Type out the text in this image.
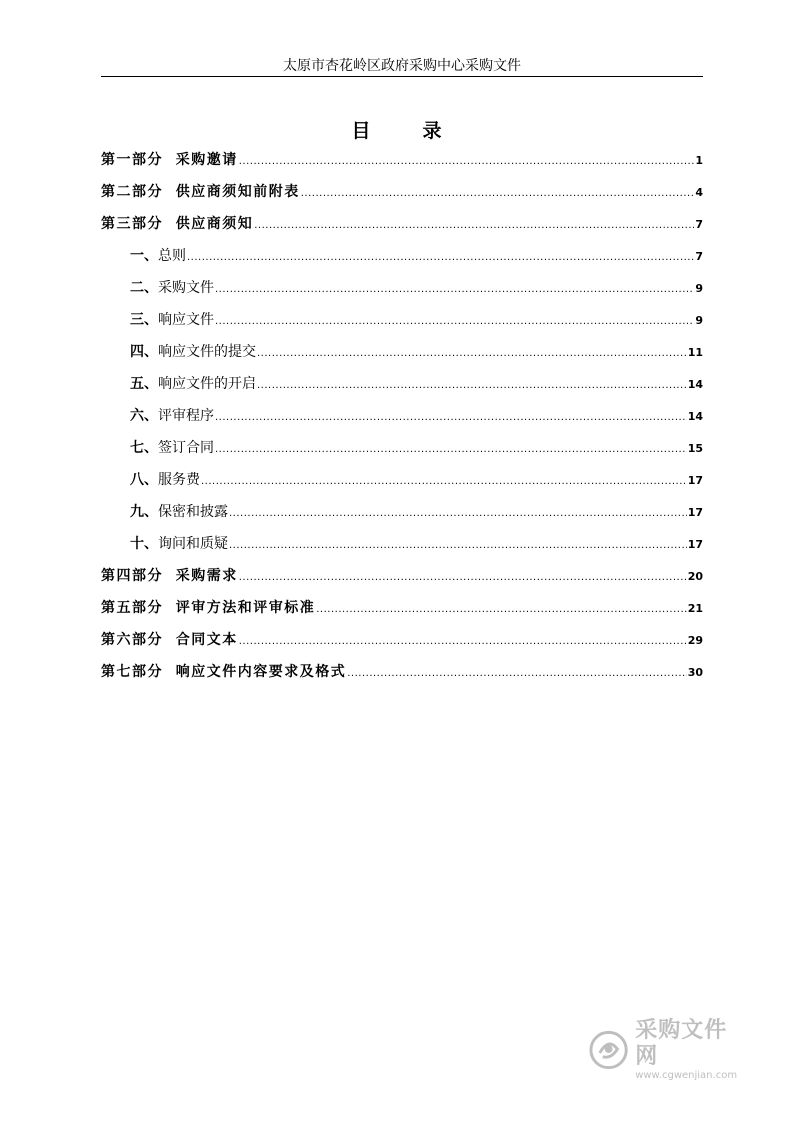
太原市杏花岭区政府采购中心采购文件
目录
第一部分  采购邀请 .....	1
第二部分  供应商须知前附表 .....	4
第三部分  供应商须知 .....	7
一、 总则 .....	7
二、 采购文件 .....	9
三、 响应文件 .....	9
四、 响应文件的提交 .....	11
五、 响应文件的开启 .....	14
六、 评审程序 .....	14
七、 签订合同 .....	15
八、 服务费 .....	17
九、 保密和披露 .....	17
十、 询问和质疑 .....	17
第四部分  采购需求 .....	20
第五部分  评审方法和评审标准 .....	21
第六部分  合同文本 .....	29
第七部分  响应文件内容要求及格式 .....	30
采购文件网
www.cgwenjian.com
